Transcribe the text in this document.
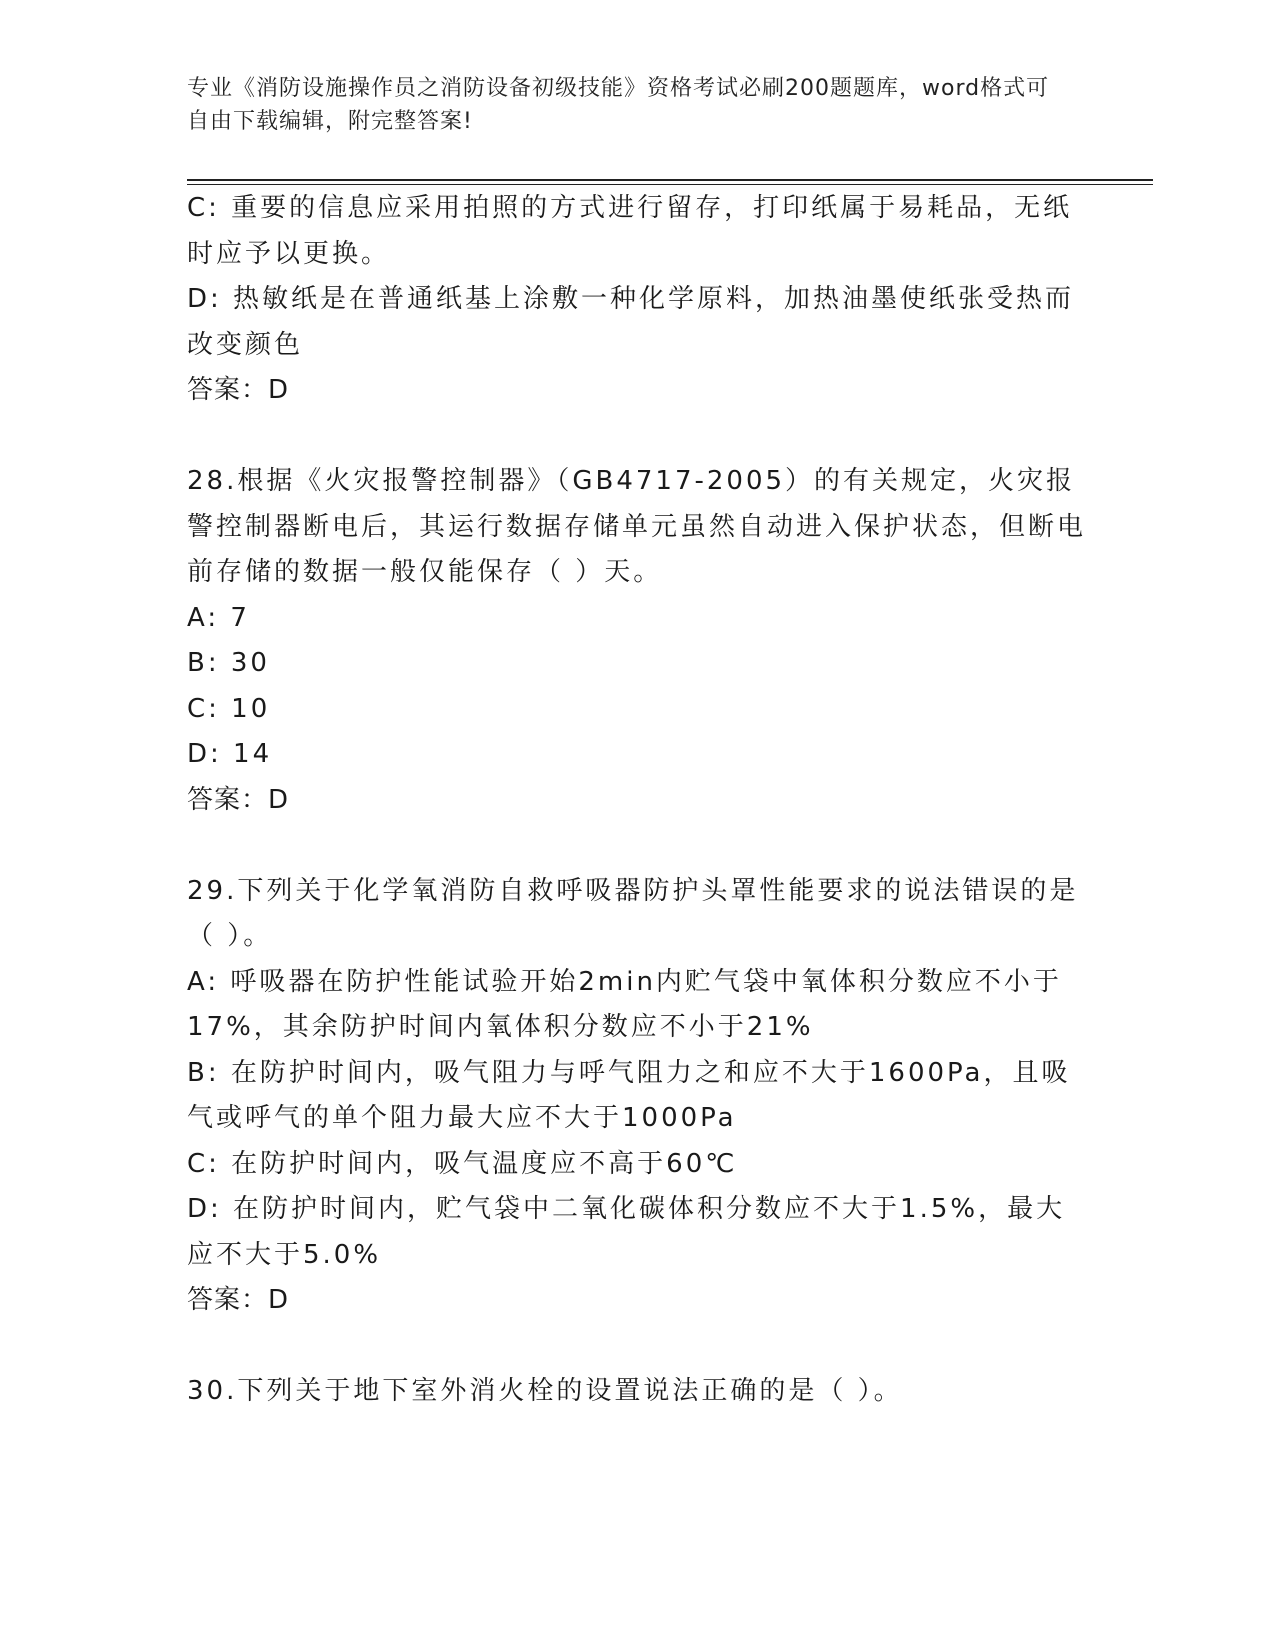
专业《消防设施操作员之消防设备初级技能》资格考试必刷200题题库，word格式可自由下载编辑，附完整答案!

C: 重要的信息应采用拍照的方式进行留存，打印纸属于易耗品，无纸时应予以更换。

D: 热敏纸是在普通纸基上涂敷一种化学原料，加热油墨使纸张受热而改变颜色

答案：D

28.根据《火灾报警控制器》（GB4717-2005）的有关规定，火灾报警控制器断电后，其运行数据存储单元虽然自动进入保护状态，但断电前存储的数据一般仅能保存（ ）天。

A: 7

B: 30

C: 10

D: 14

答案：D

29.下列关于化学氧消防自救呼吸器防护头罩性能要求的说法错误的是（ ）。

A: 呼吸器在防护性能试验开始2min内贮气袋中氧体积分数应不小于17%，其余防护时间内氧体积分数应不小于21%

B: 在防护时间内，吸气阻力与呼气阻力之和应不大于1600Pa，且吸气或呼气的单个阻力最大应不大于1000Pa

C: 在防护时间内，吸气温度应不高于60℃

D: 在防护时间内，贮气袋中二氧化碳体积分数应不大于1.5%，最大应不大于5.0%

答案：D

30.下列关于地下室外消火栓的设置说法正确的是（ ）。
